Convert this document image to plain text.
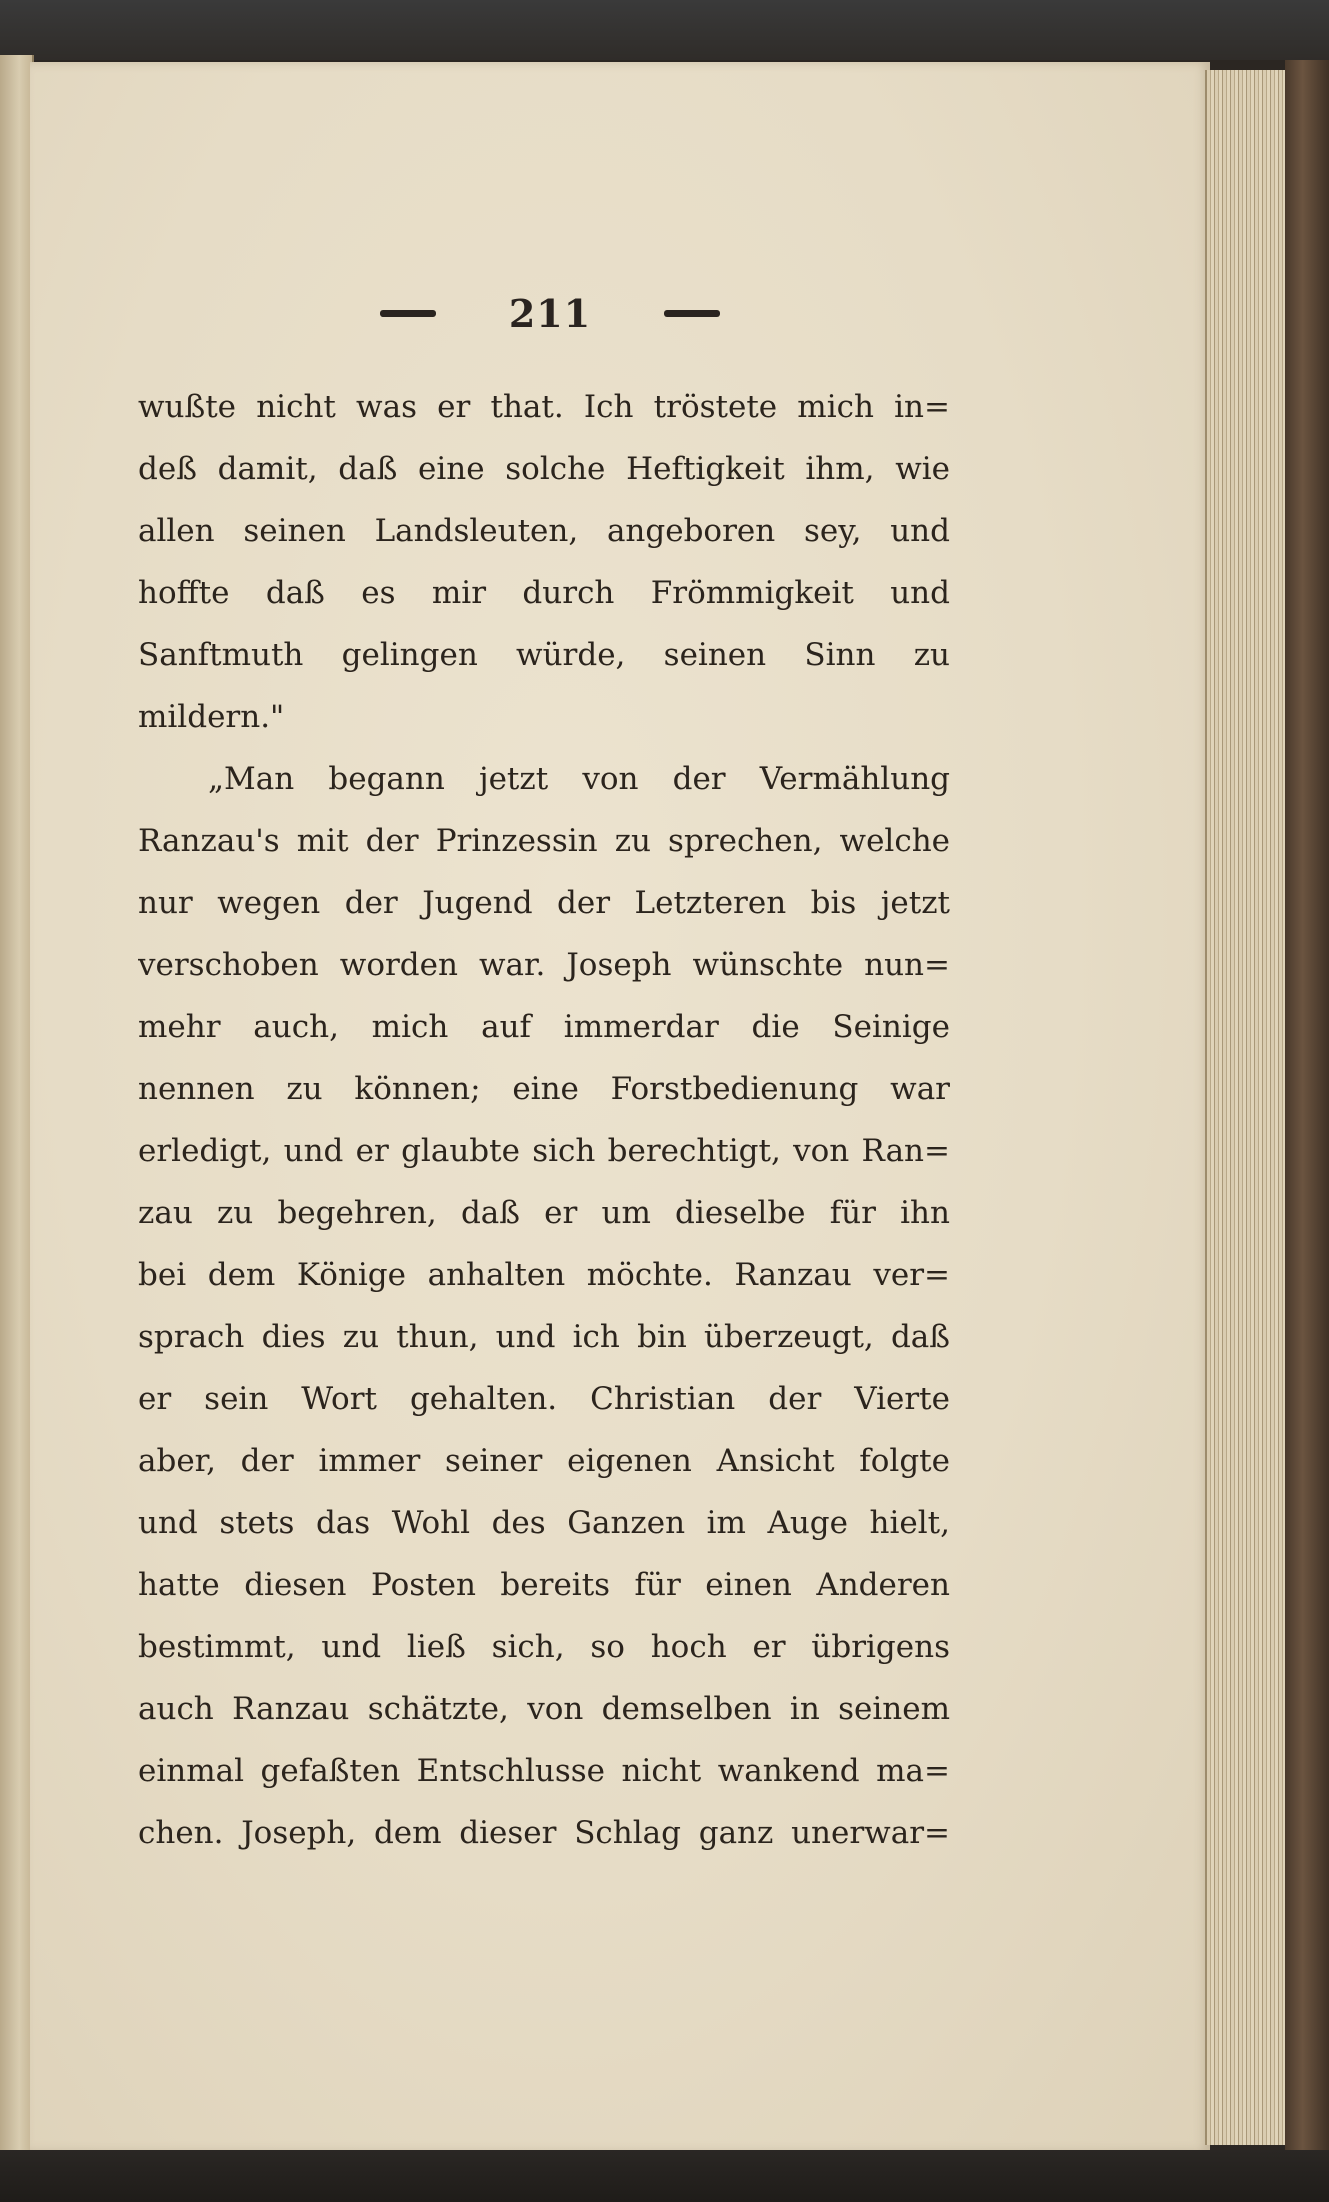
211
wußte nicht was er that. Ich tröstete mich in=
deß damit, daß eine solche Heftigkeit ihm, wie
allen seinen Landsleuten, angeboren sey, und
hoffte daß es mir durch Frömmigkeit und
Sanftmuth gelingen würde, seinen Sinn zu
mildern."
„Man begann jetzt von der Vermählung
Ranzau's mit der Prinzessin zu sprechen, welche
nur wegen der Jugend der Letzteren bis jetzt
verschoben worden war. Joseph wünschte nun=
mehr auch, mich auf immerdar die Seinige
nennen zu können; eine Forstbedienung war
erledigt, und er glaubte sich berechtigt, von Ran=
zau zu begehren, daß er um dieselbe für ihn
bei dem Könige anhalten möchte. Ranzau ver=
sprach dies zu thun, und ich bin überzeugt, daß
er sein Wort gehalten. Christian der Vierte
aber, der immer seiner eigenen Ansicht folgte
und stets das Wohl des Ganzen im Auge hielt,
hatte diesen Posten bereits für einen Anderen
bestimmt, und ließ sich, so hoch er übrigens
auch Ranzau schätzte, von demselben in seinem
einmal gefaßten Entschlusse nicht wankend ma=
chen. Joseph, dem dieser Schlag ganz unerwar=
